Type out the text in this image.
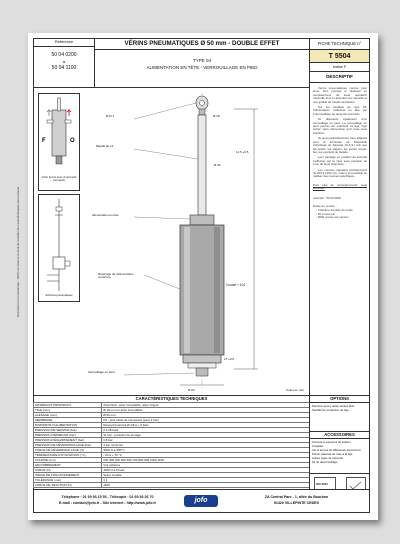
Référence
50 04 0200
à
50 04 1100
VÉRINS PNEUMATIQUES Ø 50 mm - DOUBLE EFFET
TYPE 04
ALIMENTATION EN TÊTE - VERROUILLAGE EN PIED
FICHE TECHNIQUE n°
T 5504
indice F
DESCRIPTIF

Vérins pneumatiques conçus pour lever, tirer, pousser et déplacer en remplacement de toute opération manuelle tout en assurant une sécurité et une qualité de travail constantes.

Sur les modèles de type 04, l'alimentation s'effectue en tête par l'intermédiaire de raccords tournants.

Ils disposent également d'un verrouillage en pied. Le verrouillage en pied permet de maintenir la tige "tige sortie" sans intervention qu'il reste sous pression.

Ils sont particulièrement bien adaptés pour la fermeture de Dispositifs Individuels de Sécurité (D.A.S.) tels que les volets, les clapets, les portes coupe-feu, les ouvrants de façade.

Leur passage en position de sécurité s'effectue par la mise sous pression de l'une de leurs chambres.

Les courses standard s'échelonnent de 200 à 1100 mm, mais il est possible de réaliser des courses spécifiques.

Pour plus de renseignements nous consulter

exemple : 50 04 0600

Existe en version :

- Chambre d'entrée de sortie

- 50 course pic

- 5000 course sur version

F	O
Vérin fourni avec 2 raccords tournants
Schéma pneumatique
Ø M 1	Ø 18
Ø 36
11,5 +0,5
Méplat de 13
Alimentation en tête
Repérage de l'alimentation ouverture
Course + 102
Verrouillage en pied
27 +0,5
Ø 60	Cotes en mm
CARACTÉRISTIQUES TECHNIQUES
MATÉRIAUX PRINCIPAUX	Aluminium, acier inoxydable, acier zingué
TIGE (mm)	Ø 18 mm en acier inoxydable
ALÉSAGE (mm)	Ø 50 mm
MEMBRANE	D2 - joint nitrile de compensé (pour 1 bar)
DISPOSITIF D'ALIMENTATION	Raccord tournant Ø 1/8 à + 6 bars
PRESSION DE SERVICE (bar)	2 à 28 bars
PRESSION D'ÉPREUVE (bar)	41 bar - pression de serrage
PRESSION D'ÉCHAPPEMENT (bar)	0,8 bar
PRESSION DE DÉVERROUILLAGE (bar)	3 bar minimum
FORCE DE DÉVERROUILLAGE (N)	3000 N à 300°C
TEMPÉRATURE D'UTILISATION (°C)	- 20 à + 70 °C
COURSE (mm)	200 300 400 500 600 700 800 900 1000 1100
ENCOMBREMENT	Voir schéma
FORCE (N)	1180 N à 6 bars
INDICE DE FONCTIONNEMENT	Selon modèle
TOLÉRANCE (mm)	± 1
FORCE DE TRACTION (N)	1100
OPTIONS
Peinture époxy selon teintes RAL
Soufflet de protection de tige
ACCESSOIRES
Console et équerres de fixation
Coupilles
Vis et écrous de différentes dimensions
Pointe cadenas de mise à la tige
Autres types de raccords
Kit de déverrouillage
ISO 9001
Téléphone : 01 69 93 15 53 - Télécopie : 01 69 93 26 70
E-mail : contact@jofo.fr - Site internet : http://www.jofo.fr	jofo	ZA Central Parc - 1, allée du Bourbon
91420 VILLEPINTE CEDEX
Document non contractuel - JOFO se réserve le droit de modifier les caractéristiques sans préavis
